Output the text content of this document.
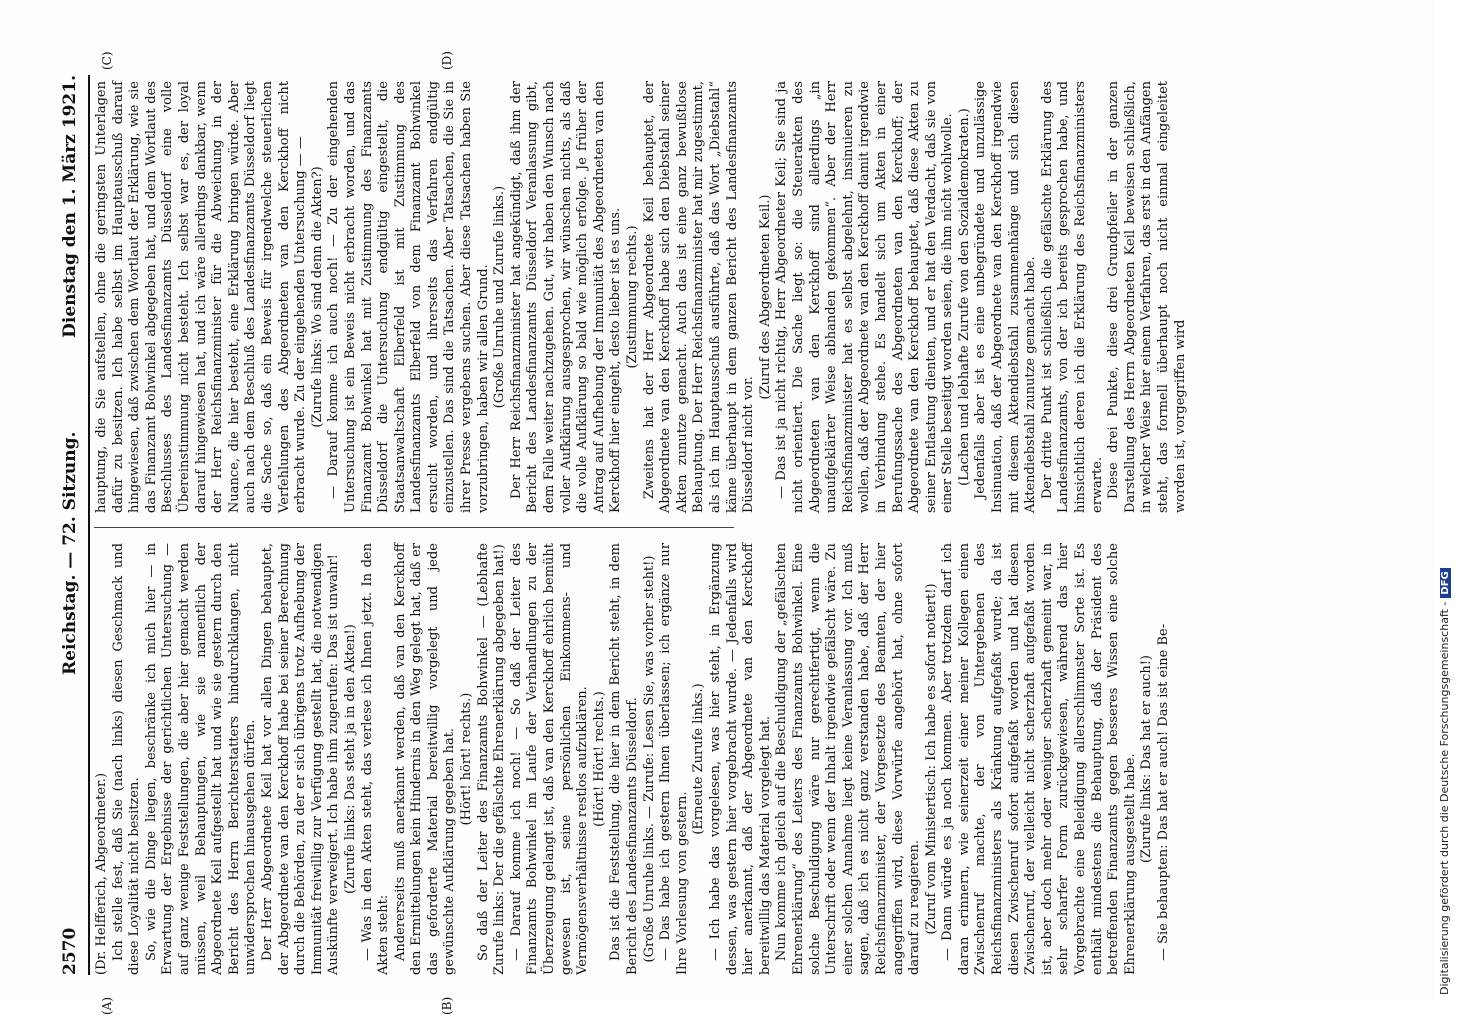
2570
Reichstag. — 72. Sitzung.
Dienstag den 1. März 1921.
(A)	(B)
(C)	(D)

(Dr. Helfferich, Abgeordneter.) Ich stelle fest, daß Sie (nach links) diesen Geschmack und diese Loyalität nicht besitzen. So, wie die Dinge liegen, beschränke ich mich hier — in Erwartung der Ergebnisse der gerichtlichen Untersuchung — auf ganz wenige Feststellungen, die aber hier gemacht werden müssen, weil Behauptungen, wie sie namentlich der Abgeordnete Keil aufgestellt hat und wie sie gestern durch den Bericht des Herrn Berichterstatters hindurchklangen, nicht unwidersprochen hinausgehen dürfen. Der Herr Abgeordnete Keil hat vor allen Dingen behauptet, der Abgeordnete van den Kerckhoff habe bei seiner Berechnung durch die Behörden, zu der er sich übrigens trotz Aufhebung der Immunität freiwillig zur Verfügung gestellt hat, die notwendigen Auskünfte verweigert. Ich habe ihm zugerufen: Das ist unwahr! (Zurufe links: Das steht ja in den Akten!) — Was in den Akten steht, das verlese ich Ihnen jetzt. In den Akten steht: Andererseits muß anerkannt werden, daß van den Kerckhoff den Ermittelungen kein Hindernis in den Weg gelegt hat, daß er das geforderte Material bereitwillig vorgelegt und jede gewünschte Aufklärung gegeben hat. (Hört! hört! rechts.) So daß der Leiter des Finanzamts Bohwinkel — (Lebhafte Zurufe links: Der die gefälschte Ehrenerklärung abgegeben hat!) — Darauf komme ich noch! — So daß der Leiter des Finanzamts Bohwinkel im Laufe der Verhandlungen zu der Überzeugung gelangt ist, daß van den Kerckhoff ehrlich bemüht gewesen ist, seine persönlichen Einkommens- und Vermögensverhältnisse restlos aufzuklären. (Hört! Hört! rechts.) Das ist die Feststellung, die hier in dem Bericht steht, in dem Bericht des Landesfinanzamts Düsseldorf. (Große Unruhe links. — Zurufe: Lesen Sie, was vorher steht!) — Das habe ich gestern Ihnen überlassen; ich ergänze nur Ihre Vorlesung von gestern.

(Erneute Zurufe links.) — Ich habe das vorgelesen, was hier steht, in Ergänzung dessen, was gestern hier vorgebracht wurde. — Jedenfalls wird hier anerkannt, daß der Abgeordnete van den Kerckhoff bereitwillig das Material vorgelegt hat. Nun komme ich gleich auf die Beschuldigung der „gefälschten Ehrenerklärung“ des Leiters des Finanzamts Bohwinkel. Eine solche Beschuldigung wäre nur gerechtfertigt, wenn die Unterschrift oder wenn der Inhalt irgendwie gefälscht wäre. Zu einer solchen Annahme liegt keine Veranlassung vor. Ich muß sagen, daß ich es nicht ganz verstanden habe, daß der Herr Reichsfinanzminister, der Vorgesetzte des Beamten, der hier angegriffen wird, diese Vorwürfe angehört hat, ohne sofort darauf zu reagieren. (Zuruf vom Ministertisch: Ich habe es sofort notiert!) — Dann würde es ja noch kommen. Aber trotzdem darf ich daran erinnern, wie seinerzeit einer meiner Kollegen einen Zwischenruf machte, der von Untergebenen des Reichsfinanzministers als Kränkung aufgefaßt wurde; da ist diesen Zwischenruf sofort aufgefaßt worden und hat diesen Zwischenruf, der vielleicht nicht scherzhaft aufgefaßt worden ist, aber doch mehr oder weniger scherzhaft gemeint war, in sehr scharfer Form zurückgewiesen, während das hier Vorgebrachte eine Beleidigung allerschlimmster Sorte ist. Es enthält mindestens die Behauptung, daß der Präsident des betreffenden Finanzamts gegen besseres Wissen eine solche Ehrenerklärung ausgestellt habe. (Zurufe links: Das hat er auch!) — Sie behaupten: Das hat er auch! Das ist eine Be-

hauptung, die Sie aufstellen, ohne die geringsten Unterlagen dafür zu besitzen. Ich habe selbst im Hauptausschuß darauf hingewiesen, daß zwischen dem Wortlaut der Erklärung, wie sie das Finanzamt Bohwinkel abgegeben hat, und dem Wortlaut des Beschlusses des Landesfinanzamts Düsseldorf eine volle Übereinstimmung nicht besteht. Ich selbst war es, der loyal darauf hingewiesen hat, und ich wäre allerdings dankbar, wenn der Herr Reichsfinanzminister für die Abweichung in der Nuance, die hier besteht, eine Erklärung bringen würde. Aber auch nach dem Beschluß des Landesfinanzamts Düsseldorf liegt die Sache so, daß ein Beweis für irgendwelche steuerlichen Verfehlungen des Abgeordneten van den Kerckhoff nicht erbracht wurde. Zu der eingehenden Untersuchung — — (Zurufe links: Wo sind denn die Akten?) — Darauf komme ich auch noch! — Zu der eingehenden Untersuchung ist ein Beweis nicht erbracht worden, und das Finanzamt Bohwinkel hat mit Zustimmung des Finanzamts Düsseldorf die Untersuchung endgültig eingestellt, die Staatsanwaltschaft Elberfeld ist mit Zustimmung des Landesfinanzamts Elberfeld von dem Finanzamt Bohwinkel ersucht worden, und ihrerseits das Verfahren endgültig einzustellen. Das sind die Tatsachen. Aber Tatsachen, die Sie in ihrer Presse vergebens suchen. Aber diese Tatsachen haben Sie vorzubringen, haben wir allen Grund. (Große Unruhe und Zurufe links.) Der Herr Reichsfinanzminister hat angekündigt, daß ihm der Bericht des Landesfinanzamts Düsseldorf Veranlassung gibt, dem Falle weiter nachzugehen. Gut, wir haben den Wunsch nach voller Aufklärung ausgesprochen, wir wünschen nichts, als daß die volle Aufklärung so bald wie möglich erfolge. Je früher der Antrag auf Aufhebung der Immunität des Abgeordneten van den Kerckhoff hier eingeht, desto lieber ist es uns. (Zustimmung rechts.) Zweitens hat der Herr Abgeordnete Keil behauptet, der Abgeordnete van den Kerckhoff habe sich den Diebstahl seiner Akten zunutze gemacht. Auch das ist eine ganz bewußtlose Behauptung. Der Herr Reichsfinanzminister hat mir zugestimmt, als ich im Hauptausschuß ausführte, daß das Wort „Diebstahl“ käme überhaupt in dem ganzen Bericht des Landesfinanzamts Düsseldorf nicht vor.

(Zuruf des Abgeordneten Keil.) — Das ist ja nicht richtig, Herr Abgeordneter Keil; Sie sind ja nicht orientiert. Die Sache liegt so: die Steuerakten des Abgeordneten van den Kerckhoff sind allerdings „in unaufgeklärter Weise abhanden gekommen“. Aber der Herr Reichsfinanzminister hat es selbst abgelehnt, insinuieren zu wollen, daß der Abgeordnete van den Kerckhoff damit irgendwie in Verbindung stehe. Es handelt sich um Akten in einer Berufungssache des Abgeordneten van den Kerckhoff; der Abgeordnete van den Kerckhoff behauptet, daß diese Akten zu seiner Entlastung dienten, und er hat den Verdacht, daß sie von einer Stelle beseitigt worden seien, die ihm nicht wohlwolle. (Lachen und lebhafte Zurufe von den Sozialdemokraten.) Jedenfalls aber ist es eine unbegründete und unzulässige Insinuation, daß der Abgeordnete van den Kerckhoff irgendwie mit diesem Aktendiebstahl zusammenhänge und sich diesen Aktendiebstahl zunutze gemacht habe. Der dritte Punkt ist schließlich die gefälschte Erklärung des Landesfinanzamts, von der ich bereits gesprochen habe, und hinsichtlich deren ich die Erklärung des Reichsfinanzministers erwarte. Diese drei Punkte, diese drei Grundpfeiler in der ganzen Darstellung des Herrn Abgeordneten Keil beweisen schließlich, in welcher Weise hier einem Verfahren, das erst in den Anfängen steht, das formell überhaupt noch nicht einmal eingeleitet worden ist, vorgegriffen wird

Digitalisierung gefördert durch die Deutsche Forschungsgemeinschaft -DFG
